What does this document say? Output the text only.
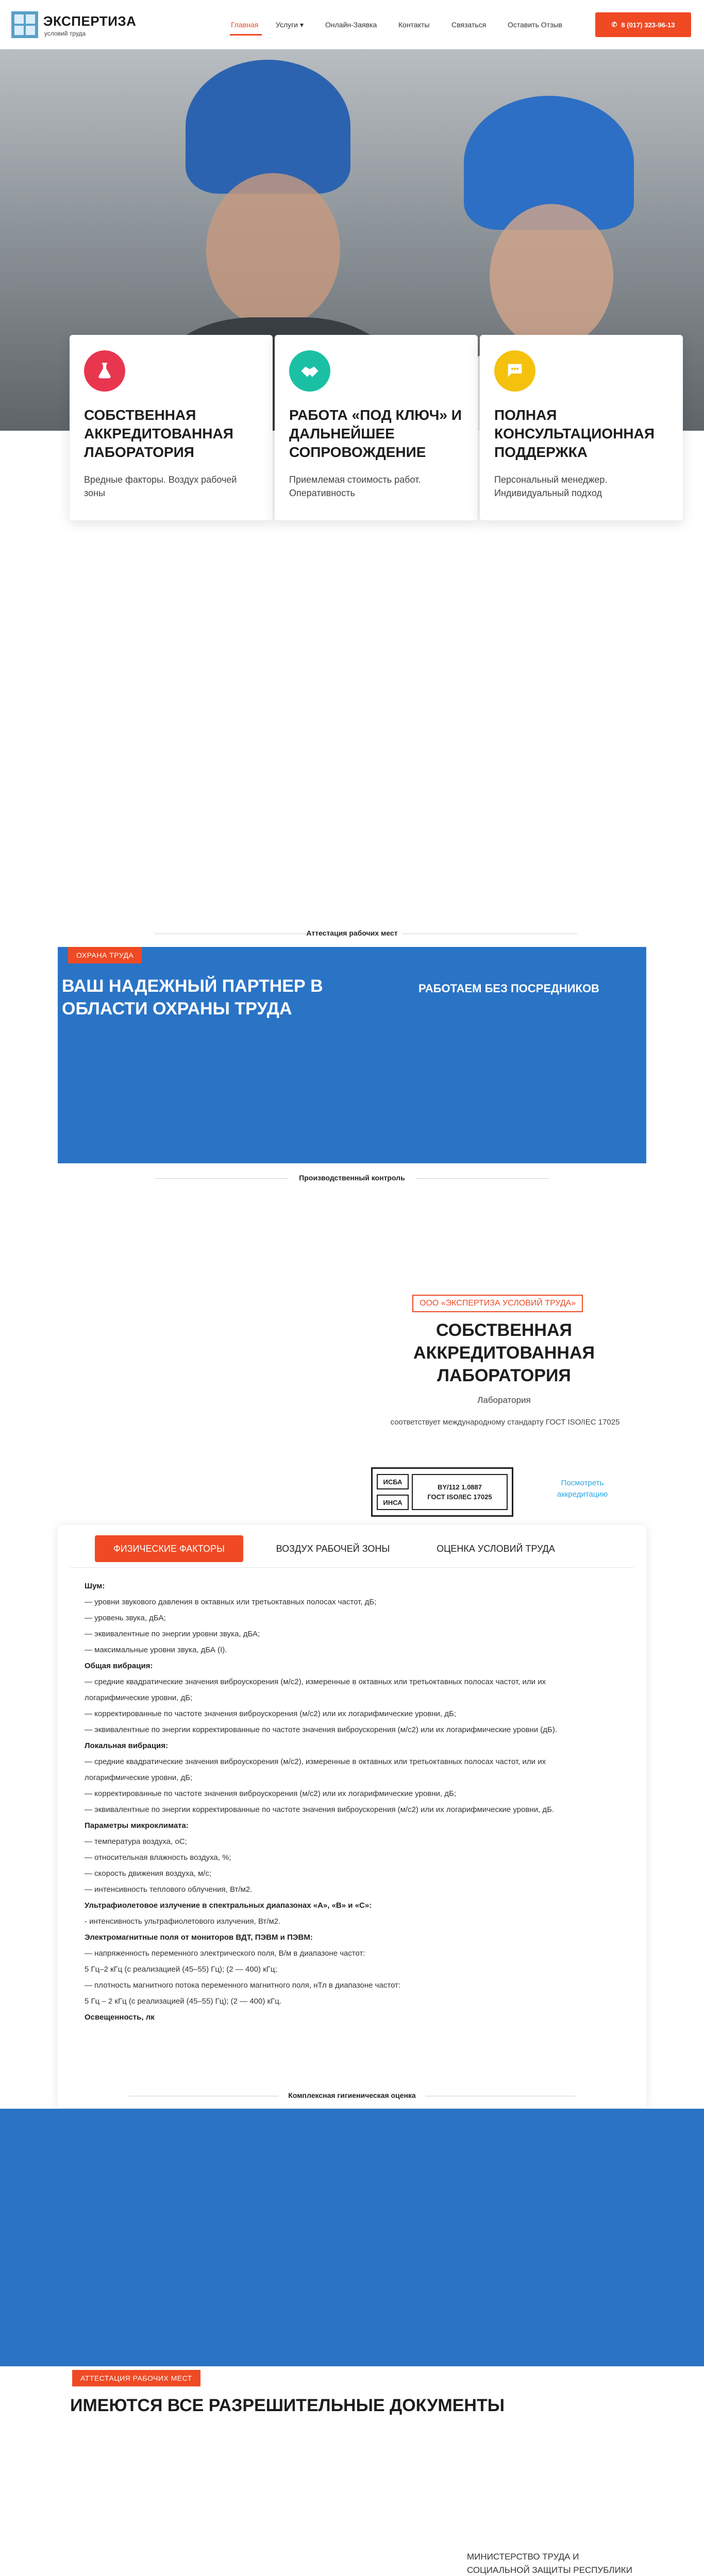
ЭКСПЕРТИЗА
условий труда
Главная Услуги ▾	Онлайн-Заявка	Контакты	Связаться	Оставить Отзыв	✆ 8 (017) 323-96-13
СОБСТВЕННАЯ АККРЕДИТОВАННАЯ ЛАБОРАТОРИЯ
Вредные факторы. Воздух рабочей зоны
РАБОТА «ПОД КЛЮЧ» И ДАЛЬНЕЙШЕЕ СОПРОВОЖДЕНИЕ
Приемлемая стоимость работ. Оперативность
ПОЛНАЯ КОНСУЛЬТАЦИОННАЯ ПОДДЕРЖКА
Персональный менеджер. Индивидуальный подход
Аттестация рабочих мест
ОХРАНА ТРУДА
ВАШ НАДЕЖНЫЙ ПАРТНЕР В ОБЛАСТИ ОХРАНЫ ТРУДА
РАБОТАЕМ БЕЗ ПОСРЕДНИКОВ
Производственный контроль
ООО «ЭКСПЕРТИЗА УСЛОВИЙ ТРУДА»
СОБСТВЕННАЯ АККРЕДИТОВАННАЯ ЛАБОРАТОРИЯ
Лаборатория
соответствует международному стандарту ГОСТ ISO/IEC 17025
ИСБА
ИНСА
BY/112 1.0887
ГОСТ ISO/IEC 17025
Посмотреть аккредитацию
ФИЗИЧЕСКИЕ ФАКТОРЫ	ВОЗДУХ РАБОЧЕЙ ЗОНЫ	ОЦЕНКА УСЛОВИЙ ТРУДА
Шум:
— уровни звукового давления в октавных или третьоктавных полосах частот, дБ;
— уровень звука, дБА;
— эквивалентные по энергии уровни звука, дБА;
— максимальные уровни звука, дБА (I).
Общая вибрация:
— средние квадратические значения виброускорения (м/с2), измеренные в октавных или третьоктавных полосах частот, или их
логарифмические уровни, дБ;
— корректированные по частоте значения виброускорения (м/с2) или их логарифмические уровни, дБ;
— эквивалентные по энергии корректированные по частоте значения виброускорения (м/с2) или их логарифмические уровни (дБ).
Локальная вибрация:
— средние квадратические значения виброускорения (м/с2), измеренные в октавных или третьоктавных полосах частот, или их
логарифмические уровни, дБ;
— корректированные по частоте значения виброускорения (м/с2) или их логарифмические уровни, дБ;
— эквивалентные по энергии корректированные по частоте значения виброускорения (м/с2) или их логарифмические уровни, дБ.
Параметры микроклимата:
— температура воздуха, oC;
— относительная влажность воздуха, %;
— скорость движения воздуха, м/с;
— интенсивность теплового облучения, Вт/м2.
Ультрафиолетовое излучение в спектральных диапазонах «А», «В» и «С»:
- интенсивность ультрафиолетового излучения, Вт/м2.
Электромагнитные поля от мониторов ВДТ, ПЭВМ и ПЭВМ:
— напряженность переменного электрического поля, В/м в диапазоне частот:
5 Гц–2 кГц (с реализацией (45–55) Гц); (2 — 400) кГц;
— плотность магнитного потока переменного магнитного поля, нТл в диапазоне частот:
5 Гц – 2 кГц (с реализацией (45–55) Гц); (2 — 400) кГц.
Освещенность, лк
Комплексная гигиеническая оценка
АТТЕСТАЦИЯ РАБОЧИХ МЕСТ
ИМЕЮТСЯ ВСЕ РАЗРЕШИТЕЛЬНЫЕ ДОКУМЕНТЫ
МИНИСТЕРСТВО ТРУДА И СОЦИАЛЬНОЙ ЗАЩИТЫ РЕСПУБЛИКИ
